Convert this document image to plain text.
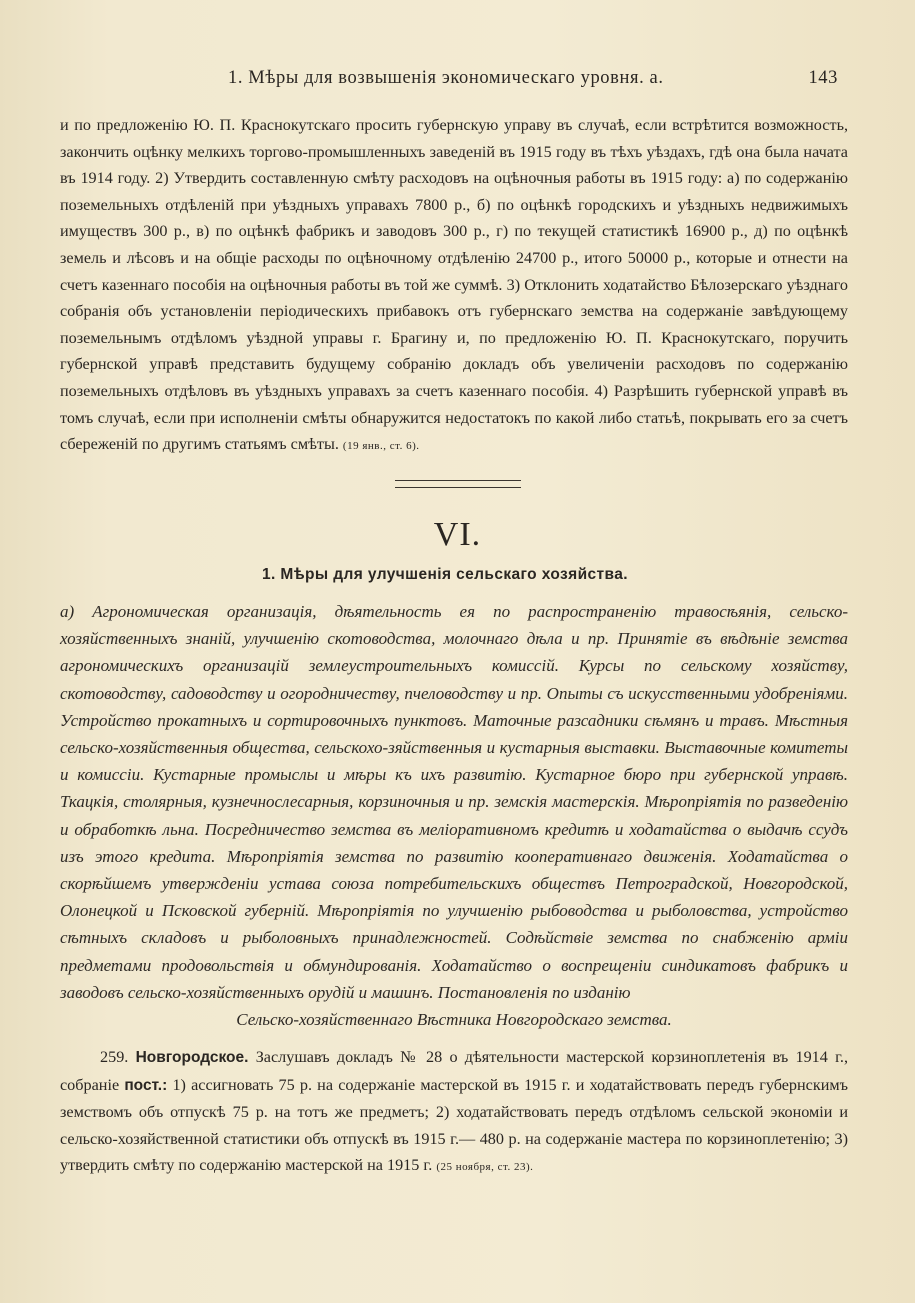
1. Мѣры для возвышенія экономическаго уровня. а.	143
и по предложенію Ю. П. Краснокутскаго просить губернскую управу въ случаѣ, если встрѣтится возможность, закончить оцѣнку мелкихъ торгово-промышленныхъ заведеній въ 1915 году въ тѣхъ уѣздахъ, гдѣ она была начата въ 1914 году. 2) Утвердить составленную смѣту расходовъ на оцѣночныя работы въ 1915 году: а) по содержанію поземельныхъ отдѣленій при уѣздныхъ управахъ 7800 р., б) по оцѣнкѣ городскихъ и уѣздныхъ недвижимыхъ имуществъ 300 р., в) по оцѣнкѣ фабрикъ и заводовъ 300 р., г) по текущей статистикѣ 16900 р., д) по оцѣнкѣ земель и лѣсовъ и на общіе расходы по оцѣночному отдѣленію 24700 р., итого 50000 р., которые и отнести на счетъ казеннаго пособія на оцѣночныя работы въ той же суммѣ. 3) Отклонить ходатайство Бѣлозерскаго уѣзднаго собранія объ установленіи періодическихъ прибавокъ отъ губернскаго земства на содержаніе завѣдующему поземельнымъ отдѣломъ уѣздной управы г. Брагину и, по предложенію Ю. П. Краснокутскаго, поручить губернской управѣ представить будущему собранію докладъ объ увеличеніи расходовъ по содержанію поземельныхъ отдѣловъ въ уѣздныхъ управахъ за счетъ казеннаго пособія. 4) Разрѣшить губернской управѣ въ томъ случаѣ, если при исполненіи смѣты обнаружится недостатокъ по какой либо статьѣ, покрывать его за счетъ сбереженій по другимъ статьямъ смѣты. (19 янв., ст. 6).
VI.
1. Мѣры для улучшенія сельскаго хозяйства.
а) Агрономическая организація, дѣятельность ея по распространенію травосѣянія, сельско-хозяйственныхъ знаній, улучшенію скотоводства, молочнаго дѣла и пр. Принятіе въ вѣдѣніе земства агрономическихъ организацій землеустроительныхъ комиссій. Курсы по сельскому хозяйству, скотоводству, садоводству и огородничеству, пчеловодству и пр. Опыты съ искусственными удобреніями. Устройство прокатныхъ и сортировочныхъ пунктовъ. Маточные разсадники сѣмянъ и травъ. Мѣстныя сельско-хозяйственныя общества, сельскохо-зяйственныя и кустарныя выставки. Выставочные комитеты и комиссіи. Кустарные промыслы и мѣры къ ихъ развитію. Кустарное бюро при губернской управѣ. Ткацкія, столярныя, кузнечнослесарныя, корзиночныя и пр. земскія мастерскія. Мѣропріятія по разведенію и обработкѣ льна. Посредничество земства въ меліоративномъ кредитѣ и ходатайства о выдачѣ ссудъ изъ этого кредита. Мѣропріятія земства по развитію кооперативнаго движенія. Ходатайства о скорѣйшемъ утвержденіи устава союза потребительскихъ обществъ Петроградской, Новгородской, Олонецкой и Псковской губерній. Мѣропріятія по улучшенію рыбоводства и рыболовства, устройство сѣтныхъ складовъ и рыболовныхъ принадлежностей. Содѣйствіе земства по снабженію арміи предметами продовольствія и обмундированія. Ходатайство о воспрещеніи синдикатовъ фабрикъ и заводовъ сельско-хозяйственныхъ орудій и машинъ. Постановленія по изданію
Сельско-хозяйственнаго Вѣстника Новгородскаго земства.
259. Новгородское. Заслушавъ докладъ № 28 о дѣятельности мастерской корзиноплетенія въ 1914 г., собраніе пост.: 1) ассигновать 75 р. на содержаніе мастерской въ 1915 г. и ходатайствовать передъ губернскимъ земствомъ объ отпускѣ 75 р. на тотъ же предметъ; 2) ходатайствовать передъ отдѣломъ сельской экономіи и сельско-хозяйственной статистики объ отпускѣ въ 1915 г.— 480 р. на содержаніе мастера по корзиноплетенію; 3) утвердить смѣту по содержанію мастерской на 1915 г. (25 ноября, ст. 23).
